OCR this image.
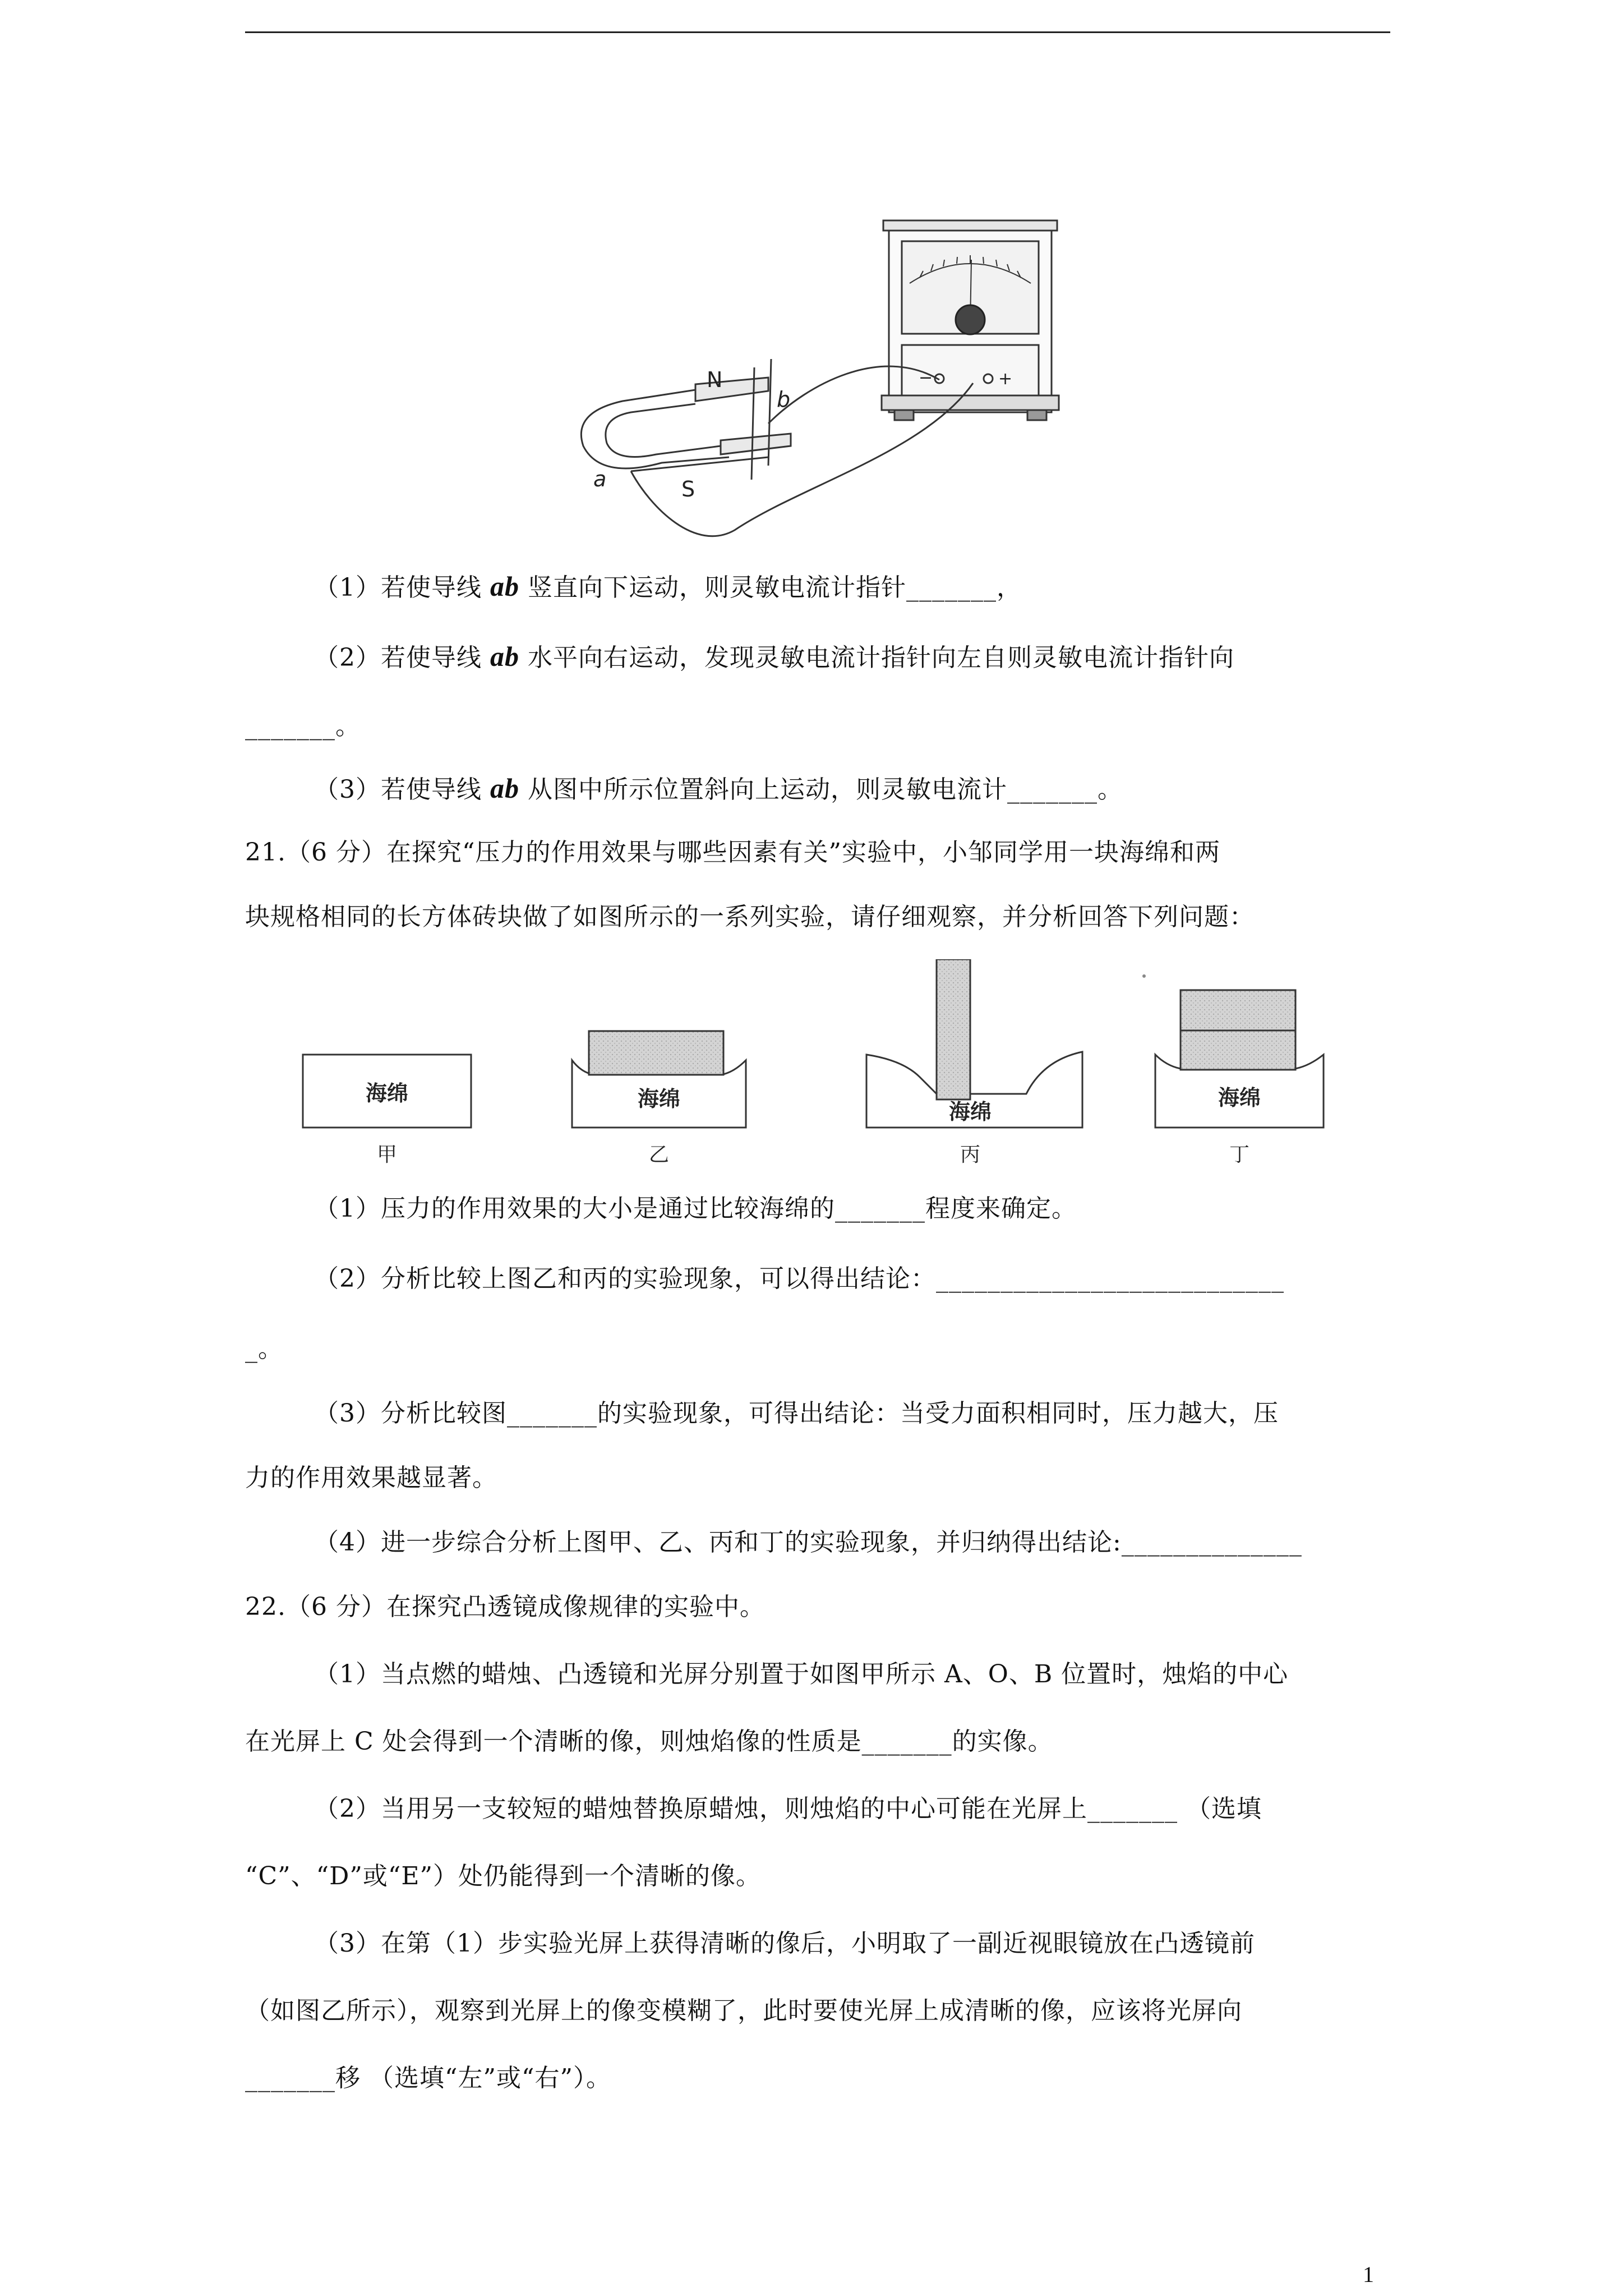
N
S
a
b
−	+
（1）若使导线 ab 竖直向下运动，则灵敏电流计指针_______，
（2）若使导线 ab 水平向右运动，发现灵敏电流计指针向左自则灵敏电流计指针向
_______。
（3）若使导线 ab 从图中所示位置斜向上运动，则灵敏电流计_______。
21.（6 分）在探究“压力的作用效果与哪些因素有关”实验中，小邹同学用一块海绵和两
块规格相同的长方体砖块做了如图所示的一系列实验，请仔细观察，并分析回答下列问题：
海绵	海绵
海绵
海绵
甲	乙	丙	丁
（1）压力的作用效果的大小是通过比较海绵的_______程度来确定。
（2）分析比较上图乙和丙的实验现象，可以得出结论：___________________________
_。
（3）分析比较图_______的实验现象，可得出结论：当受力面积相同时，压力越大，压
力的作用效果越显著。
（4）进一步综合分析上图甲、乙、丙和丁的实验现象，并归纳得出结论:______________
22.（6 分）在探究凸透镜成像规律的实验中。
（1）当点燃的蜡烛、凸透镜和光屏分别置于如图甲所示 A、O、B 位置时，烛焰的中心
在光屏上 C 处会得到一个清晰的像，则烛焰像的性质是_______的实像。
（2）当用另一支较短的蜡烛替换原蜡烛，则烛焰的中心可能在光屏上_______ （选填
“C”、“D”或“E”）处仍能得到一个清晰的像。
（3）在第（1）步实验光屏上获得清晰的像后，小明取了一副近视眼镜放在凸透镜前
（如图乙所示），观察到光屏上的像变模糊了，此时要使光屏上成清晰的像，应该将光屏向
_______移 （选填“左”或“右”）。
1
